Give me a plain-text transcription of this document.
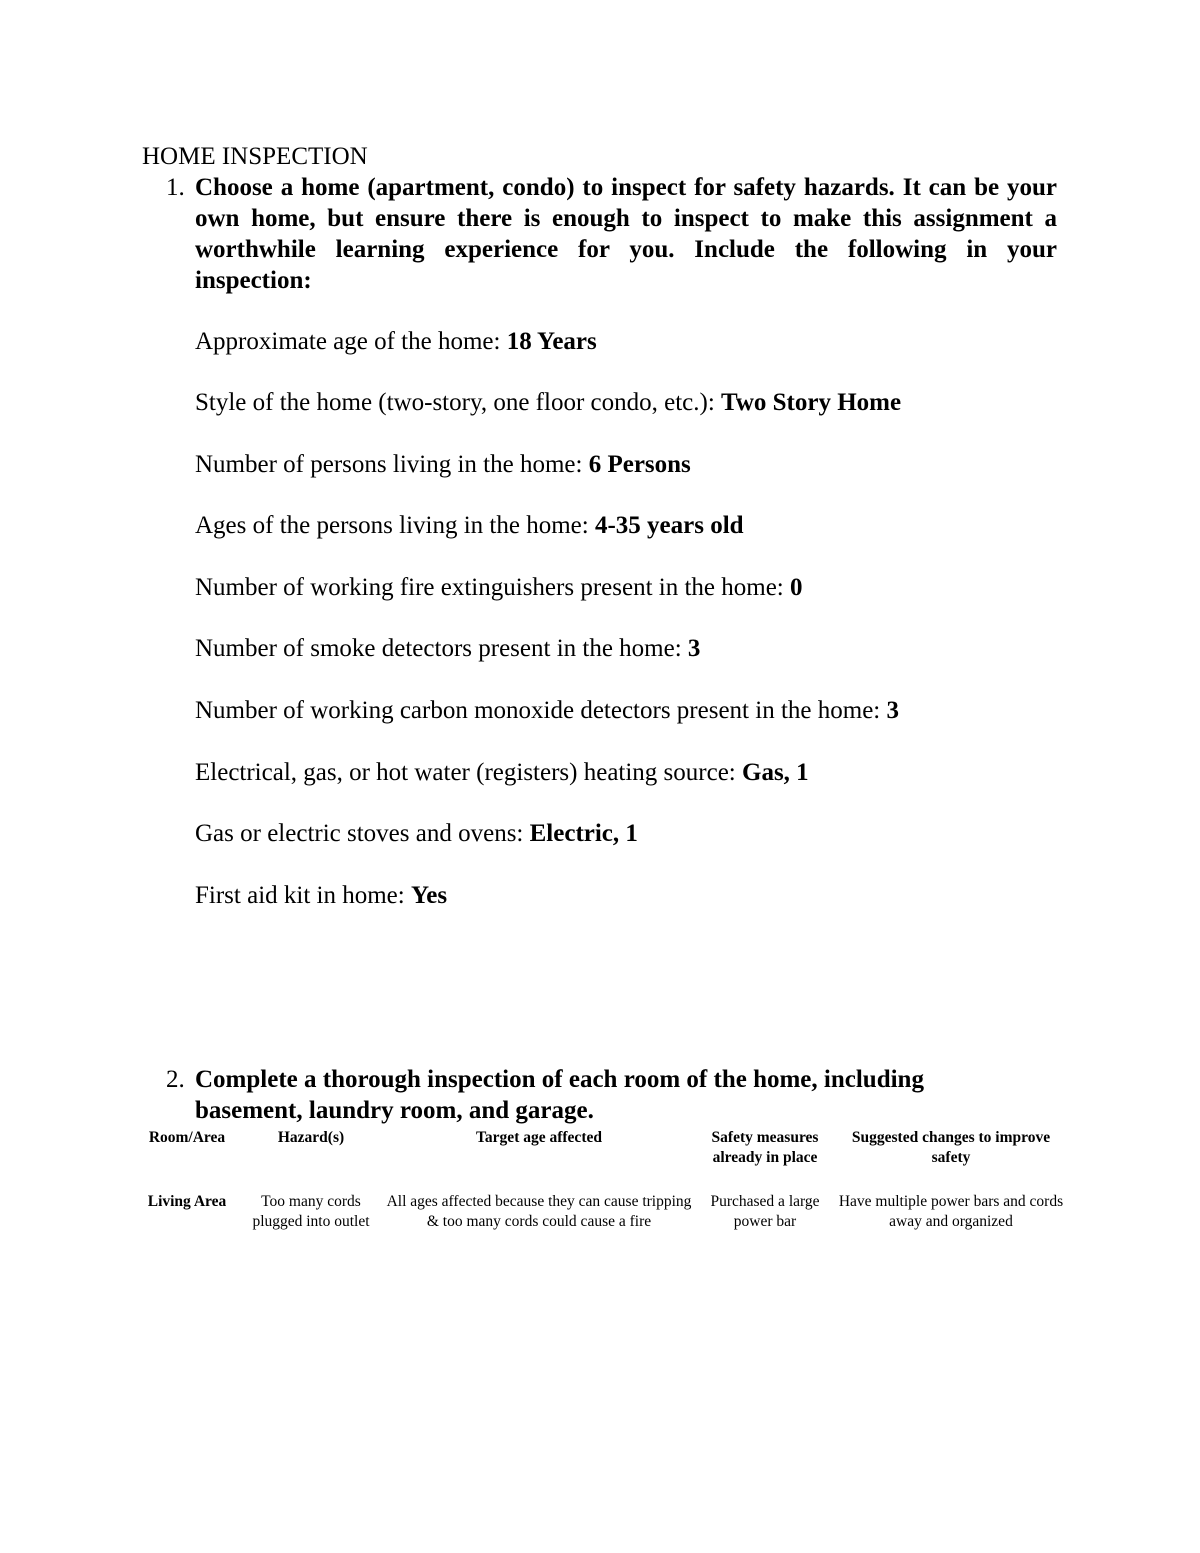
HOME INSPECTION
1. Choose a home (apartment, condo) to inspect for safety hazards. It can be your own home, but ensure there is enough to inspect to make this assignment a worthwhile learning experience for you. Include the following in your inspection:
Approximate age of the home: 18 Years
Style of the home (two-story, one floor condo, etc.): Two Story Home
Number of persons living in the home: 6 Persons
Ages of the persons living in the home: 4-35 years old
Number of working fire extinguishers present in the home: 0
Number of smoke detectors present in the home: 3
Number of working carbon monoxide detectors present in the home: 3
Electrical, gas, or hot water (registers) heating source: Gas, 1
Gas or electric stoves and ovens: Electric, 1
First aid kit in home: Yes
2. Complete a thorough inspection of each room of the home, including basement, laundry room, and garage.
Room/Area	Hazard(s)	Target age affected	Safety measures already in place	Suggested changes to improve safety
Living Area	Too many cords plugged into outlet	All ages affected because they can cause tripping & too many cords could cause a fire	Purchased a large power bar	Have multiple power bars and cords away and organized
